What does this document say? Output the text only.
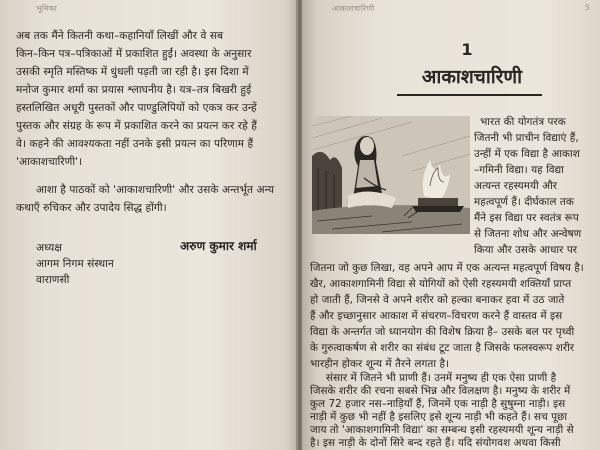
भूमिका
अब तक मैंने कितनी कथा–कहानियाँ लिखीं और वे सब
किन–किन पत्र–पत्रिकाओं में प्रकाशित हुईं। अवस्था के अनुसार
उसकी स्मृति मस्तिष्क में धुंधली पड़ती जा रही है। इस दिशा में
मनोज कुमार शर्मा का प्रयास श्लाघनीय है। यत्र–तत्र बिखरी हुई
हस्तलिखित अधूरी पुस्तकों और पाण्डुलिपियों को एकत्र कर उन्हें
पुस्तक और संग्रह के रूप में प्रकाशित करने का प्रयत्न कर रहे हैं
वे। कहने की आवश्यकता नहीं उनके इसी प्रयत्न का परिणाम हैं
'आकाशचारिणी'।
आशा है पाठकों को 'आकाशचारिणी' और उसके अन्तर्भूत अन्य
कथाएँ रुचिकर और उपादेय सिद्ध होंगी।
अरुण कुमार शर्मा
अध्यक्ष
आगम निगम संस्थान
वाराणसी
आकाशचारिणी	5
1
आकाशचारिणी
भारत की योगतंत्र परक
जितनी भी प्राचीन विद्याएं हैं,
उन्हीं में एक विद्या है आकाश
–गमिनी विद्या। यह विद्या
अत्यन्त रहस्यमयी और
महत्वपूर्ण हैं। दीर्घकाल तक
मैंने इस विद्या पर स्वतंत्र रूप
से जितना शोध और अन्वेषण
किया और उसके आधार पर
जितना जो कुछ लिखा, वह अपने आप में एक अत्यन्त महत्वपूर्ण विषय है।
खैर, आकाशगामिनी विद्या से योगियों को ऐसी रहस्यमयी शक्तियाँ प्राप्त
हो जाती हैं, जिनसे वे अपने शरीर को हल्का बनाकर हवा में उठ जाते
हैं और इच्छानुसार आकाश में संचरण–विचरण करने हैं वास्तव में इस
विद्या के अन्तर्गत जो ध्यानयोग की विशेष क्रिया है– उसके बल पर पृथ्वी
के गुरुत्वाकर्षण से शरीर का संबंध टूट जाता है जिसके फलस्वरूप शरीर
भारहीन होकर शून्य में तैरने लगता है।
संसार में जितने भी प्राणी हैं। उनमें मनुष्य ही एक ऐसा प्राणी है
जिसके शरीर की रचना सबसे भिन्न और विलक्षण है। मनुष्य के शरीर में
कुल 72 हजार नस–नाड़ियाँ हैं, जिनमें एक नाड़ी है सुषुम्ना नाड़ी। इस
नाड़ी में कुछ भी नहीं है इसलिए इसे शून्य नाड़ी भी कहते हैं। सच पूछा
जाय तो 'आकाशगामिनी विद्या' का सम्बन्ध इसी रहस्यमयी शून्य नाड़ी से
है। इस नाड़ी के दोनों सिरे बन्द रहते हैं। यदि संयोगवश अथवा किसी
